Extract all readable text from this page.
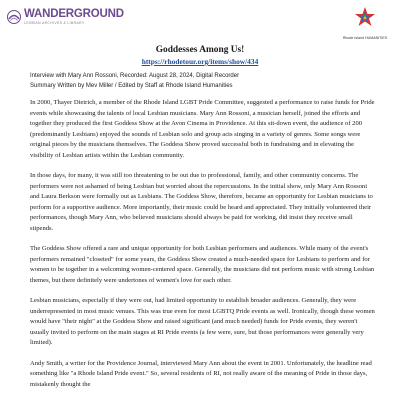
WANDERGROUND
LESBIAN ARCHIVES & LIBRARY
Rhode Island HUMANITIES
Goddesses Among Us!
https://rhodetour.org/items/show/434
Interview with Mary Ann Rossoni, Recorded: August 28, 2024, Digital Recorder
Summary Written by Mev Miller / Edited by Staff at Rhode Island Humanities

In 2000, Thayer Dietrich, a member of the Rhode Island LGBT Pride Committee, suggested a performance to raise funds for Pride events while showcasing the talents of local Lesbian musicians. Mary Ann Rossoni, a musician herself, joined the efforts and together they produced the first Goddess Show at the Avon Cinema in Providence. At this sit-down event, the audience of 200 (predominantly Lesbians) enjoyed the sounds of Lesbian solo and group acts singing in a variety of genres. Some songs were original pieces by the musicians themselves. The Goddess Show proved successful both in fundraising and in elevating the visibility of Lesbian artists within the Lesbian community.

In those days, for many, it was still too threatening to be out due to professional, family, and other community concerns. The performers were not ashamed of being Lesbian but worried about the repercussions. In the initial show, only Mary Ann Rossoni and Laura Berkson were formally out as Lesbians. The Goddess Show, therefore, became an opportunity for Lesbian musicians to perform for a supportive audience. More importantly, their music could be heard and appreciated. They initially volunteered their performances, though Mary Ann, who believed musicians should always be paid for working, did insist they receive small stipends.

The Goddess Show offered a rare and unique opportunity for both Lesbian performers and audiences. While many of the event's performers remained "closeted" for some years, the Goddess Show created a much-needed space for Lesbians to perform and for women to be together in a welcoming women-centered space. Generally, the musicians did not perform music with strong Lesbian themes, but there definitely were undertones of women's love for each other.

Lesbian musicians, especially if they were out, had limited opportunity to establish broader audiences. Generally, they were underrepresented in most music venues. This was true even for most LGBTQ Pride events as well. Ironically, though these women would have "their night" at the Goddess Show and raised significant (and much needed) funds for Pride events, they weren't usually invited to perform on the main stages at RI Pride events (a few were, sure, but those performances were generally very limited).

Andy Smith, a writer for the Providence Journal, interviewed Mary Ann about the event in 2001. Unfortunately, the headline read something like "a Rhode Island Pride event." So, several residents of RI, not really aware of the meaning of Pride in those days, mistakenly thought the
